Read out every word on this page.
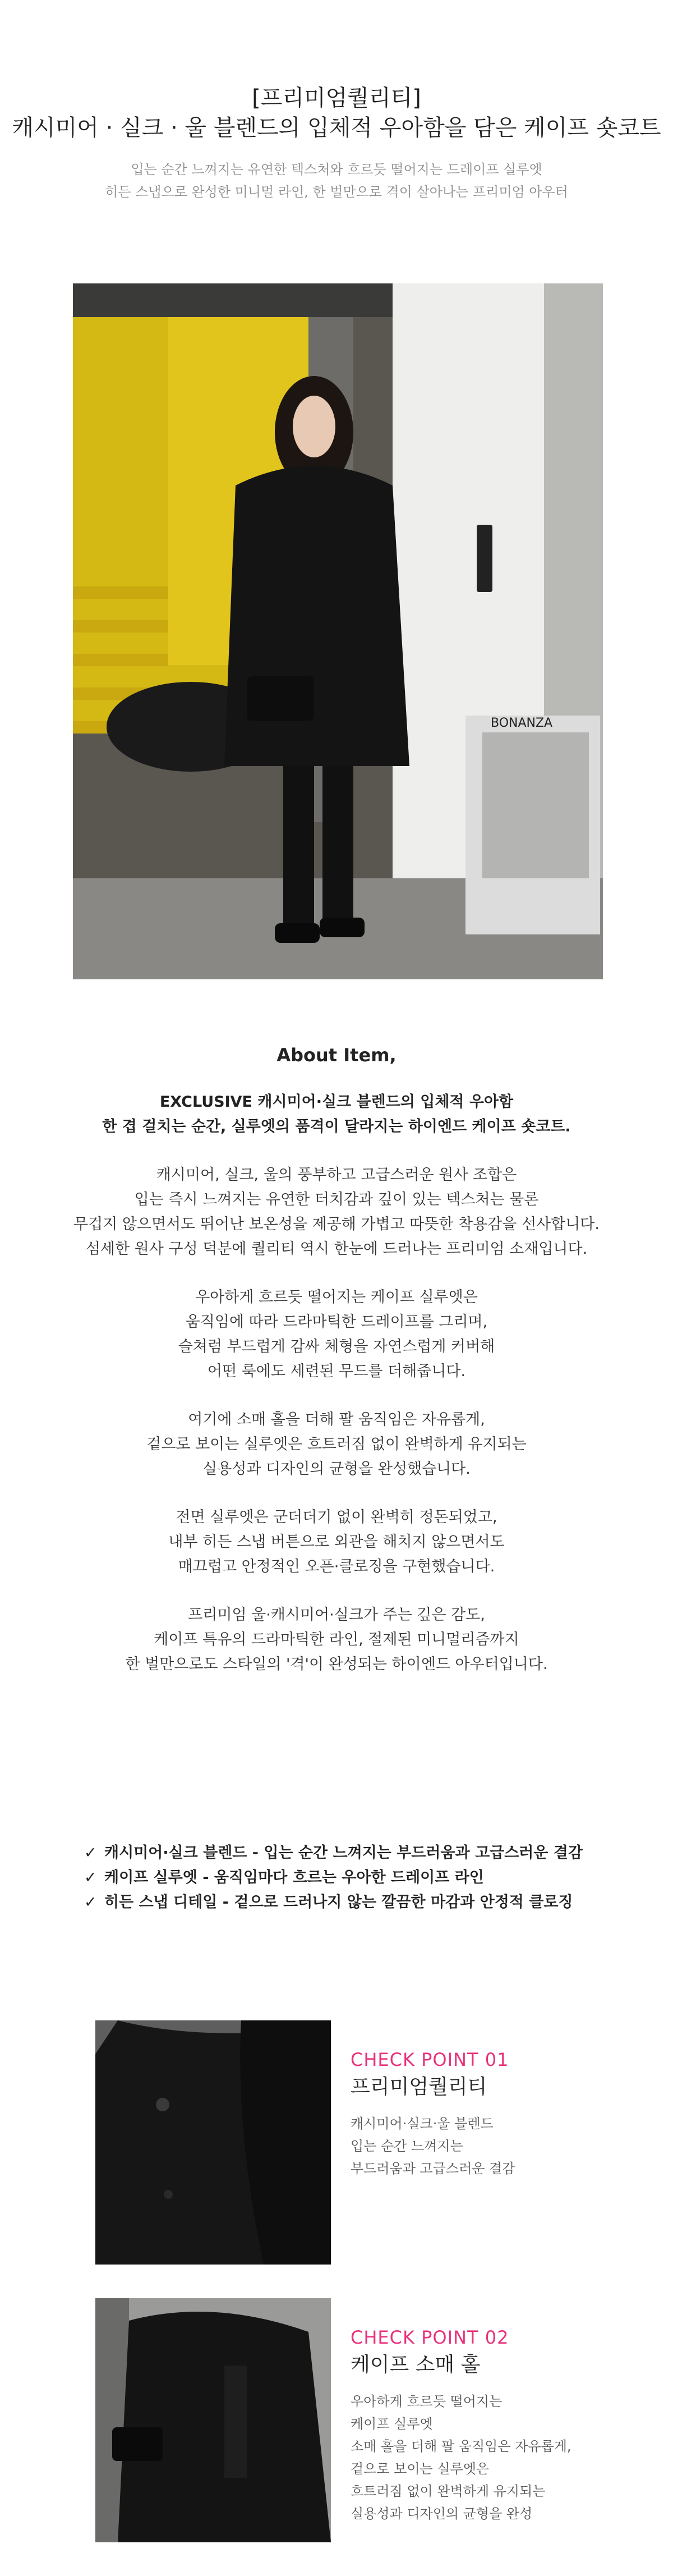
[프리미엄퀄리티]
캐시미어 · 실크 · 울 블렌드의 입체적 우아함을 담은 케이프 숏코트
입는 순간 느껴지는 유연한 텍스처와 흐르듯 떨어지는 드레이프 실루엣
히든 스냅으로 완성한 미니멀 라인, 한 벌만으로 격이 살아나는 프리미엄 아우터
BONANZA
About Item,
EXCLUSIVE 캐시미어·실크 블렌드의 입체적 우아함
한 겹 걸치는 순간, 실루엣의 품격이 달라지는 하이엔드 케이프 숏코트.
캐시미어, 실크, 울의 풍부하고 고급스러운 원사 조합은
입는 즉시 느껴지는 유연한 터치감과 깊이 있는 텍스처는 물론
무겁지 않으면서도 뛰어난 보온성을 제공해 가볍고 따뜻한 착용감을 선사합니다.
섬세한 원사 구성 덕분에 퀄리티 역시 한눈에 드러나는 프리미엄 소재입니다.
우아하게 흐르듯 떨어지는 케이프 실루엣은
움직임에 따라 드라마틱한 드레이프를 그리며,
슬쳐럼 부드럽게 감싸 체형을 자연스럽게 커버해
어떤 룩에도 세련된 무드를 더해줍니다.
여기에 소매 홀을 더해 팔 움직임은 자유롭게,
겉으로 보이는 실루엣은 흐트러짐 없이 완벽하게 유지되는
실용성과 디자인의 균형을 완성했습니다.
전면 실루엣은 군더더기 없이 완벽히 정돈되었고,
내부 히든 스냅 버튼으로 외관을 해치지 않으면서도
매끄럽고 안정적인 오픈·클로징을 구현했습니다.
프리미엄 울·캐시미어·실크가 주는 깊은 감도,
케이프 특유의 드라마틱한 라인, 절제된 미니멀리즘까지
한 벌만으로도 스타일의 '격'이 완성되는 하이엔드 아우터입니다.
✓ 캐시미어·실크 블렌드 - 입는 순간 느껴지는 부드러움과 고급스러운 결감
✓ 케이프 실루엣 - 움직임마다 흐르는 우아한 드레이프 라인
✓ 히든 스냅 디테일 - 겉으로 드러나지 않는 깔끔한 마감과 안정적 클로징
CHECK POINT 01
프리미엄퀄리티
캐시미어·실크·울 블렌드
입는 순간 느껴지는
부드러움과 고급스러운 결감
CHECK POINT 02
케이프 소매 홀
우아하게 흐르듯 떨어지는
케이프 실루엣
소매 홀을 더해 팔 움직임은 자유롭게,
겉으로 보이는 실루엣은
흐트러짐 없이 완벽하게 유지되는
실용성과 디자인의 균형을 완성
